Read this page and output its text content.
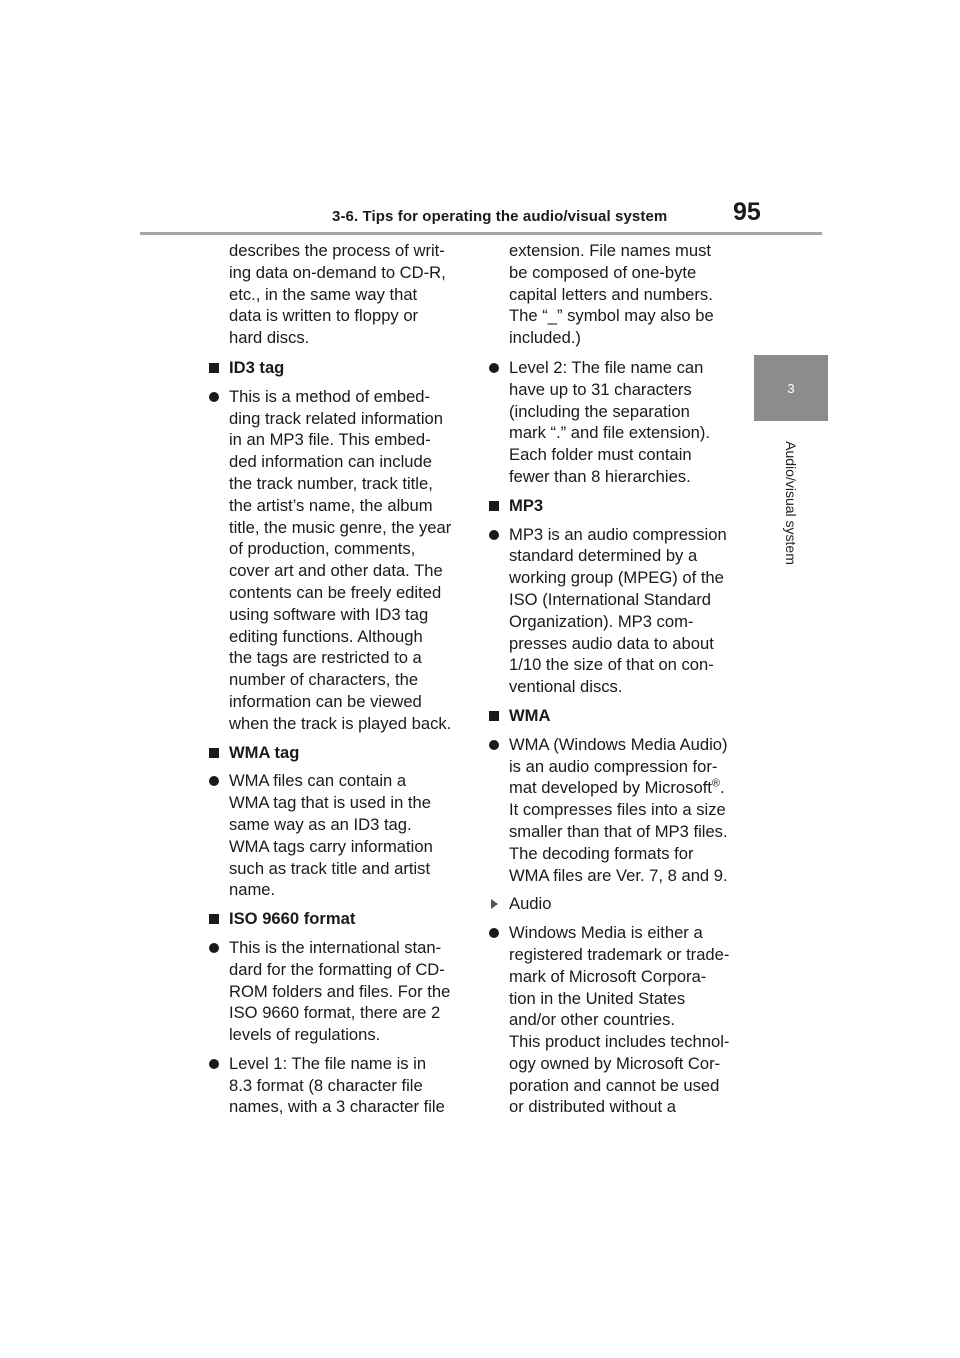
3-6. Tips for operating the audio/visual system	95
3
Audio/visual system
describes the process of writ-
ing data on-demand to CD-R,
etc., in the same way that
data is written to floppy or
hard discs.
ID3 tag
This is a method of embed-
ding track related information
in an MP3 file. This embed-
ded information can include
the track number, track title,
the artist’s name, the album
title, the music genre, the year
of production, comments,
cover art and other data. The
contents can be freely edited
using software with ID3 tag
editing functions. Although
the tags are restricted to a
number of characters, the
information can be viewed
when the track is played back.
WMA tag
WMA files can contain a
WMA tag that is used in the
same way as an ID3 tag.
WMA tags carry information
such as track title and artist
name.
ISO 9660 format
This is the international stan-
dard for the formatting of CD-
ROM folders and files. For the
ISO 9660 format, there are 2
levels of regulations.
Level 1: The file name is in
8.3 format (8 character file
names, with a 3 character file
extension. File names must
be composed of one-byte
capital letters and numbers.
The “_” symbol may also be
included.)
Level 2: The file name can
have up to 31 characters
(including the separation
mark “.” and file extension).
Each folder must contain
fewer than 8 hierarchies.
MP3
MP3 is an audio compression
standard determined by a
working group (MPEG) of the
ISO (International Standard
Organization). MP3 com-
presses audio data to about
1/10 the size of that on con-
ventional discs.
WMA
WMA (Windows Media Audio)
is an audio compression for-
mat developed by Microsoft®.
It compresses files into a size
smaller than that of MP3 files.
The decoding formats for
WMA files are Ver. 7, 8 and 9.
Audio
Windows Media is either a
registered trademark or trade-
mark of Microsoft Corpora-
tion in the United States
and/or other countries.
This product includes technol-
ogy owned by Microsoft Cor-
poration and cannot be used
or distributed without a
